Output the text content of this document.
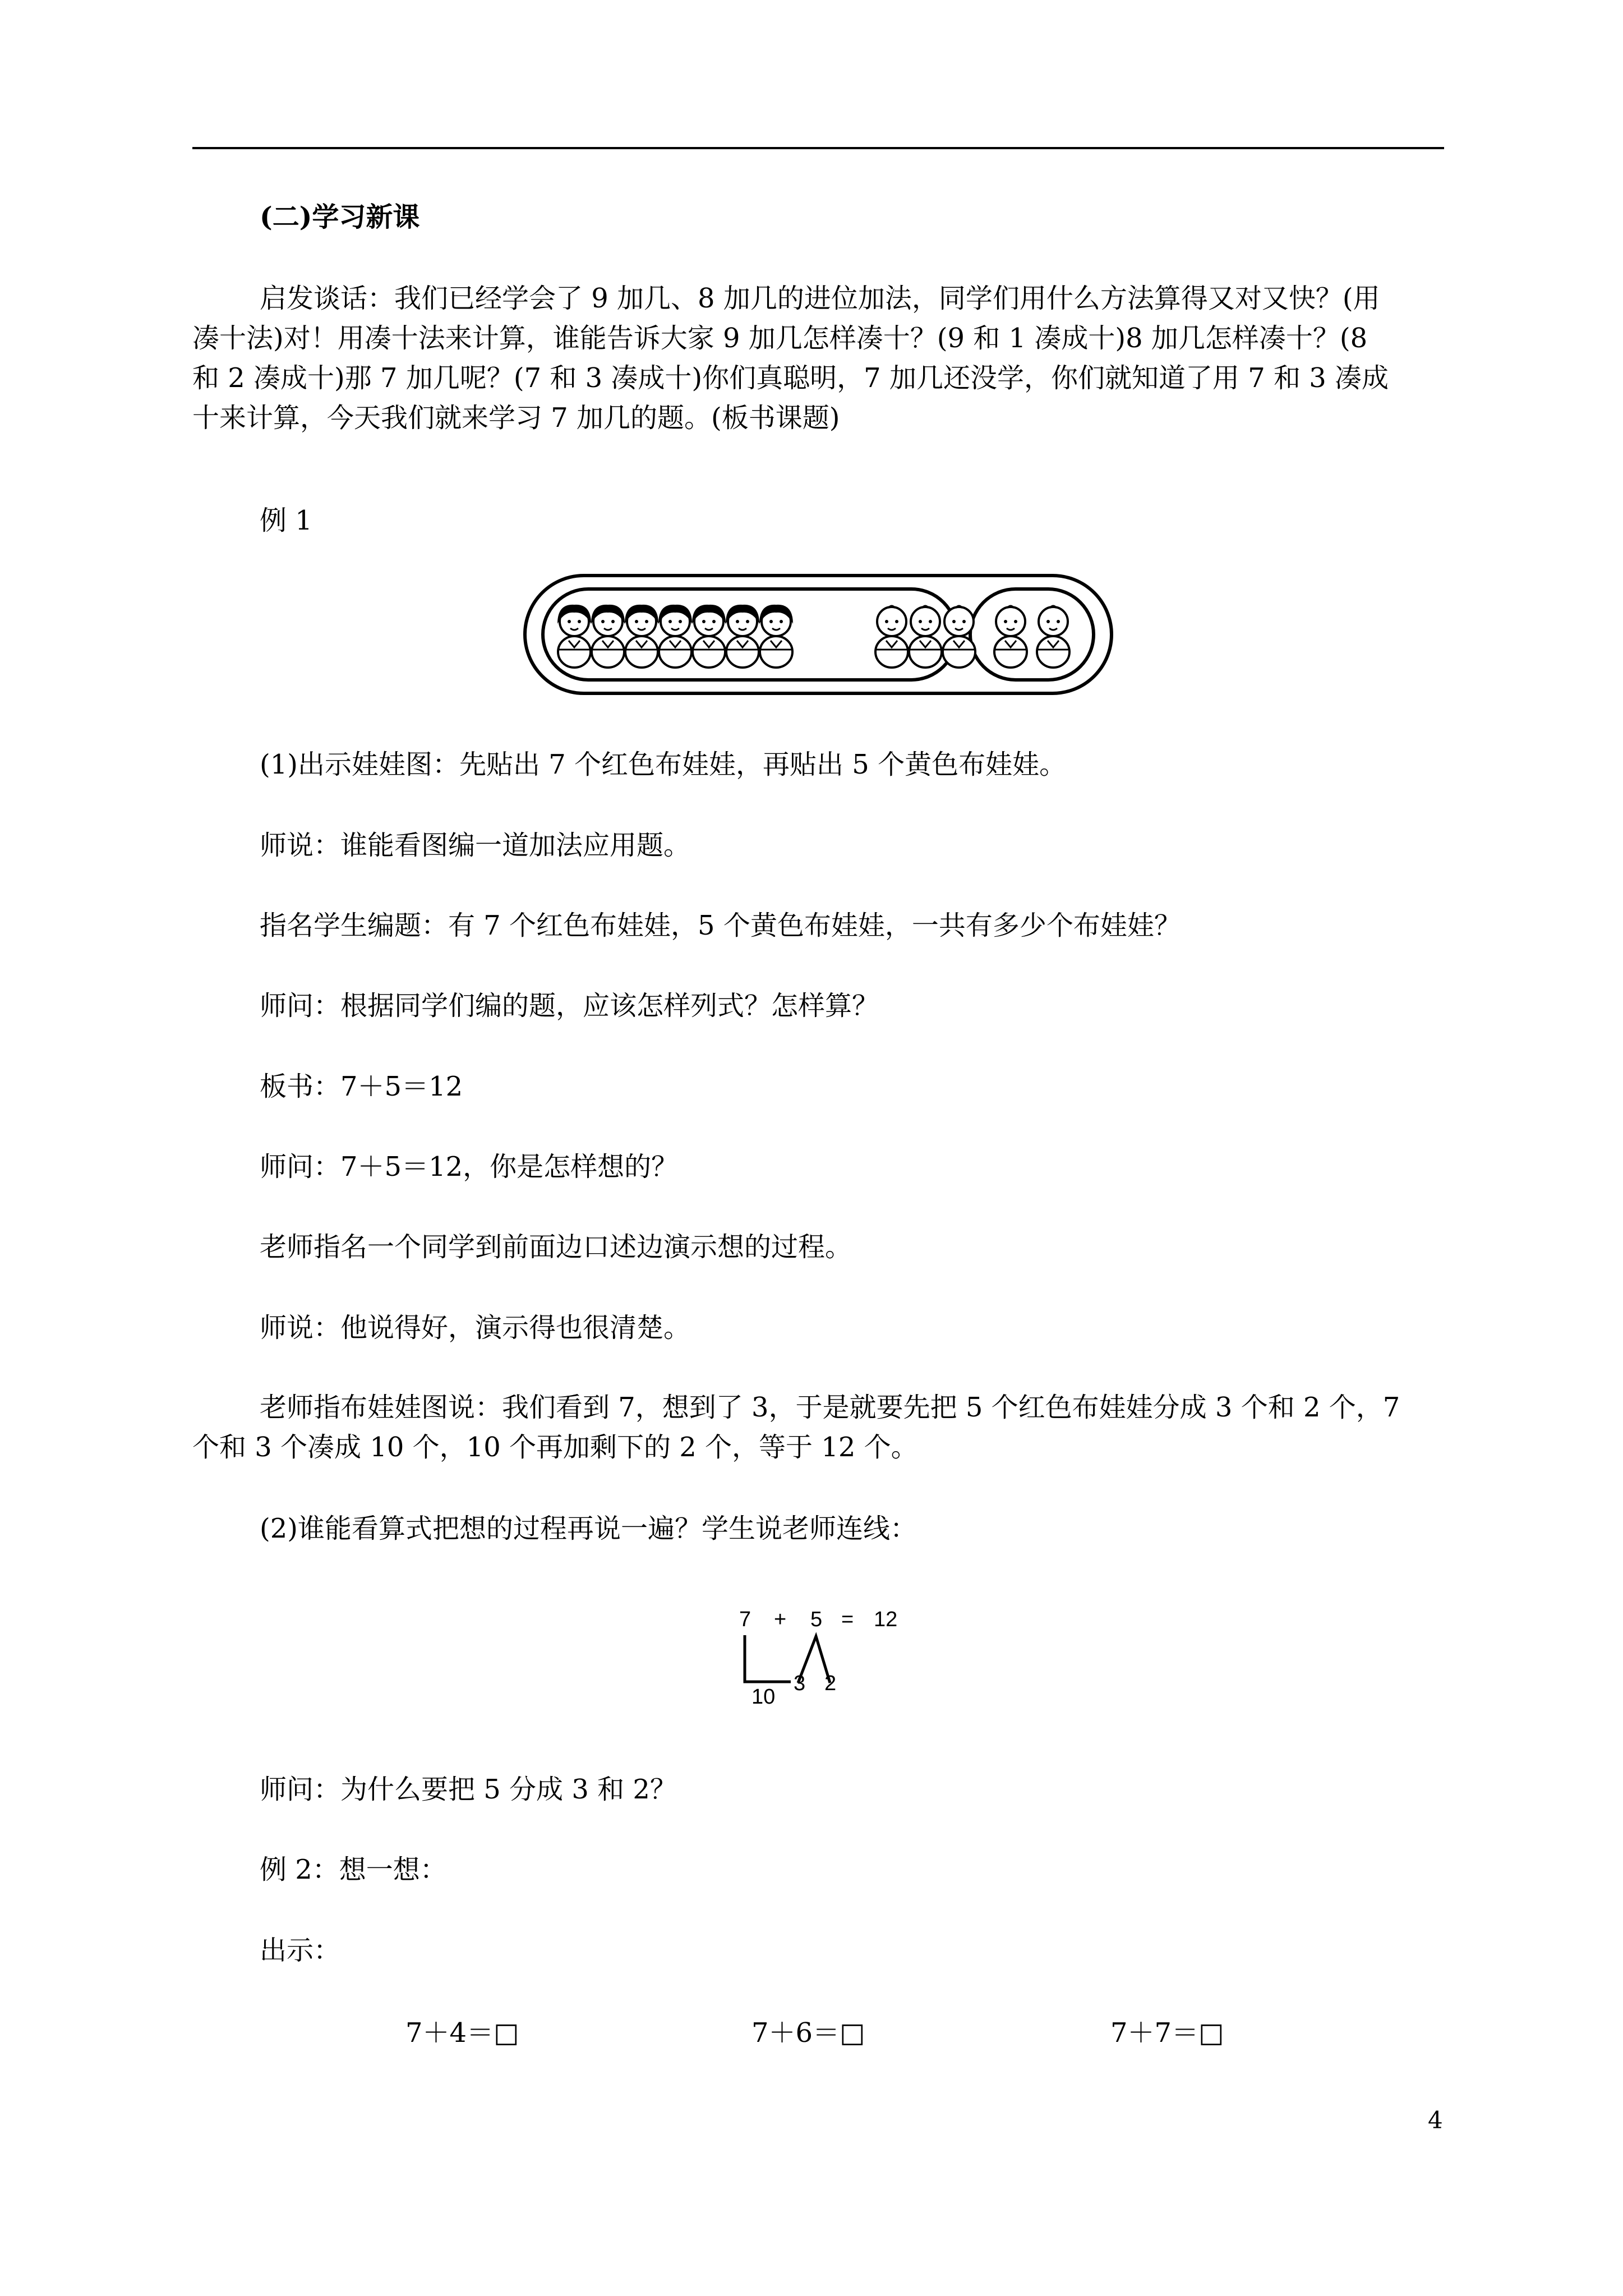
(二)学习新课
启发谈话：我们已经学会了 9 加几、8 加几的进位加法，同学们用什么方法算得又对又快？(用
凑十法)对！用凑十法来计算，谁能告诉大家 9 加几怎样凑十？(9 和 1 凑成十)8 加几怎样凑十？(8
和 2 凑成十)那 7 加几呢？(7 和 3 凑成十)你们真聪明，7 加几还没学，你们就知道了用 7 和 3 凑成
十来计算，今天我们就来学习 7 加几的题。(板书课题)
例 1
(1)出示娃娃图：先贴出 7 个红色布娃娃，再贴出 5 个黄色布娃娃。
师说：谁能看图编一道加法应用题。
指名学生编题：有 7 个红色布娃娃，5 个黄色布娃娃，一共有多少个布娃娃？
师问：根据同学们编的题，应该怎样列式？怎样算？
板书：7＋5＝12
师问：7＋5＝12，你是怎样想的？
老师指名一个同学到前面边口述边演示想的过程。
师说：他说得好，演示得也很清楚。
老师指布娃娃图说：我们看到 7，想到了 3，于是就要先把 5 个红色布娃娃分成 3 个和 2 个，7
个和 3 个凑成 10 个，10 个再加剩下的 2 个，等于 12 个。
(2)谁能看算式把想的过程再说一遍？学生说老师连线：
7 + 5 = 12
3 2
10
师问：为什么要把 5 分成 3 和 2？
例 2：想一想：
出示：
7＋4＝□	7＋6＝□	7＋7＝□
4
